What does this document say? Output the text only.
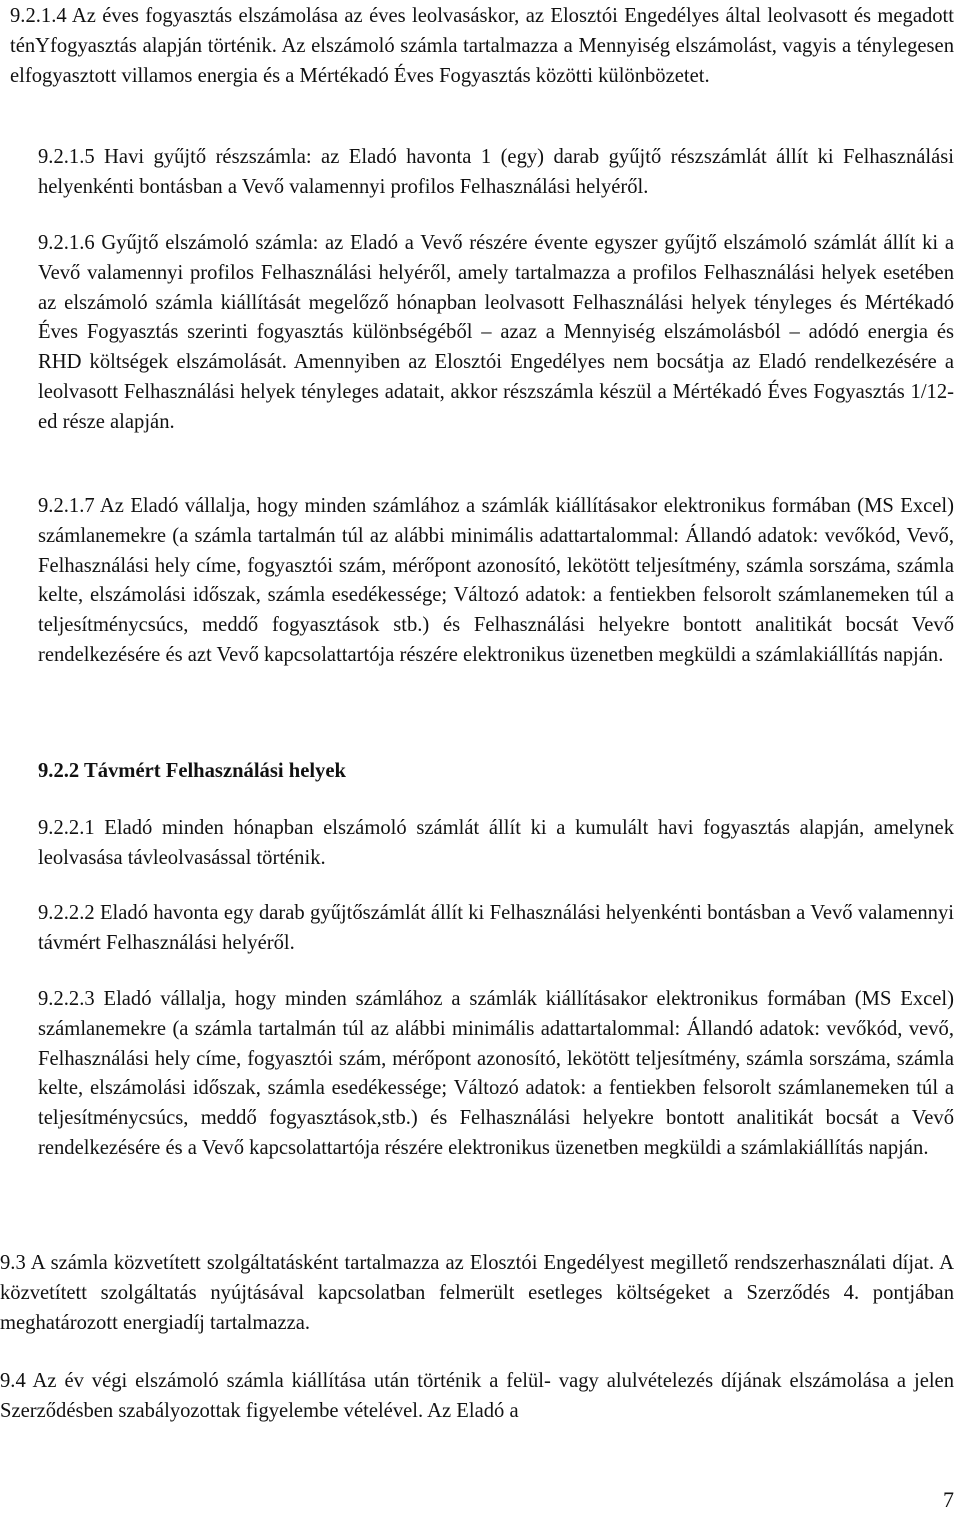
9.2.1.4 Az éves fogyasztás elszámolása az éves leolvasáskor, az Elosztói Engedélyes által leolvasott és megadott ténYfogyasztás alapján történik. Az elszámoló számla tartalmazza a Mennyiség elszámolást, vagyis a ténylegesen elfogyasztott villamos energia és a Mértékadó Éves Fogyasztás közötti különbözetet.

9.2.1.5 Havi gyűjtő részszámla: az Eladó havonta 1 (egy) darab gyűjtő részszámlát állít ki Felhasználási helyenkénti bontásban a Vevő valamennyi profilos Felhasználási helyéről.

9.2.1.6 Gyűjtő elszámoló számla: az Eladó a Vevő részére évente egyszer gyűjtő elszámoló számlát állít ki a Vevő valamennyi profilos Felhasználási helyéről, amely tartalmazza a profilos Felhasználási helyek esetében az elszámoló számla kiállítását megelőző hónapban leolvasott Felhasználási helyek tényleges és Mértékadó Éves Fogyasztás szerinti fogyasztás különbségéből – azaz a Mennyiség elszámolásból – adódó energia és RHD költségek elszámolását. Amennyiben az Elosztói Engedélyes nem bocsátja az Eladó rendelkezésére a leolvasott Felhasználási helyek tényleges adatait, akkor részszámla készül a Mértékadó Éves Fogyasztás 1/12-ed része alapján.

9.2.1.7 Az Eladó vállalja, hogy minden számlához a számlák kiállításakor elektronikus formában (MS Excel) számlanemekre (a számla tartalmán túl az alábbi minimális adattartalommal: Állandó adatok: vevőkód, Vevő, Felhasználási hely címe, fogyasztói szám, mérőpont azonosító, lekötött teljesítmény, számla sorszáma, számla kelte, elszámolási időszak, számla esedékessége; Változó adatok: a fentiekben felsorolt számlanemeken túl a teljesítménycsúcs, meddő fogyasztások stb.) és Felhasználási helyekre bontott analitikát bocsát Vevő rendelkezésére és azt Vevő kapcsolattartója részére elektronikus üzenetben megküldi a számlakiállítás napján.

9.2.2 Távmért Felhasználási helyek

9.2.2.1 Eladó minden hónapban elszámoló számlát állít ki a kumulált havi fogyasztás alapján, amelynek leolvasása távleolvasással történik.

9.2.2.2 Eladó havonta egy darab gyűjtőszámlát állít ki Felhasználási helyenkénti bontásban a Vevő valamennyi távmért Felhasználási helyéről.

9.2.2.3 Eladó vállalja, hogy minden számlához a számlák kiállításakor elektronikus formában (MS Excel) számlanemekre (a számla tartalmán túl az alábbi minimális adattartalommal: Állandó adatok: vevőkód, vevő, Felhasználási hely címe, fogyasztói szám, mérőpont azonosító, lekötött teljesítmény, számla sorszáma, számla kelte, elszámolási időszak, számla esedékessége; Változó adatok: a fentiekben felsorolt számlanemeken túl a teljesítménycsúcs, meddő fogyasztások,stb.) és Felhasználási helyekre bontott analitikát bocsát a Vevő rendelkezésére és a Vevő kapcsolattartója részére elektronikus üzenetben megküldi a számlakiállítás napján.

9.3 A számla közvetített szolgáltatásként tartalmazza az Elosztói Engedélyest megillető rendszerhasználati díjat. A közvetített szolgáltatás nyújtásával kapcsolatban felmerült esetleges költségeket a Szerződés 4. pontjában meghatározott energiadíj tartalmazza.

9.4 Az év végi elszámoló számla kiállítása után történik a felül- vagy alulvételezés díjának elszámolása a jelen Szerződésben szabályozottak figyelembe vételével. Az Eladó a

7
